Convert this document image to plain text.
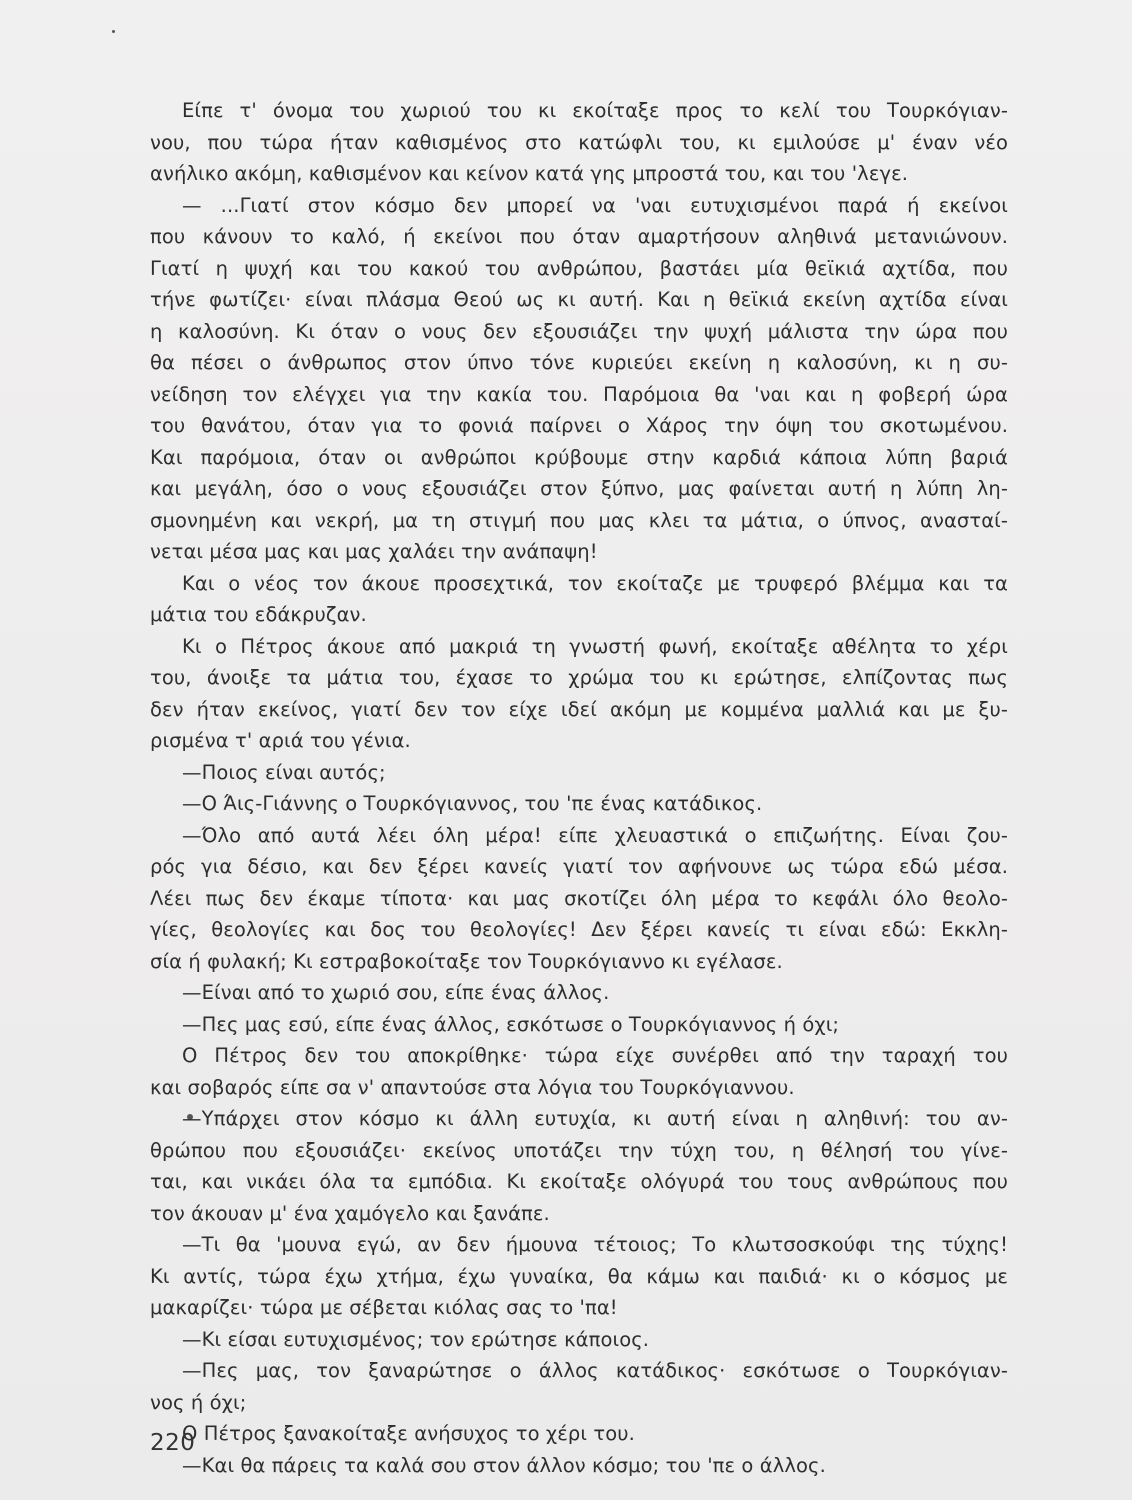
Είπε τ' όνομα του χωριού του κι εκοίταξε προς το κελί του Τουρκόγιαν-
νου, που τώρα ήταν καθισμένος στο κατώφλι του, κι εμιλούσε μ' έναν νέο
ανήλικο ακόμη, καθισμένον και κείνον κατά γης μπροστά του, και του 'λεγε.
— ...Γιατί στον κόσμο δεν μπορεί να 'ναι ευτυχισμένοι παρά ή εκείνοι
που κάνουν το καλό, ή εκείνοι που όταν αμαρτήσουν αληθινά μετανιώνουν.
Γιατί η ψυχή και του κακού του ανθρώπου, βαστάει μία θεϊκιά αχτίδα, που
τήνε φωτίζει· είναι πλάσμα Θεού ως κι αυτή. Και η θεϊκιά εκείνη αχτίδα είναι
η καλοσύνη. Κι όταν ο νους δεν εξουσιάζει την ψυχή μάλιστα την ώρα που
θα πέσει ο άνθρωπος στον ύπνο τόνε κυριεύει εκείνη η καλοσύνη, κι η συ-
νείδηση τον ελέγχει για την κακία του. Παρόμοια θα 'ναι και η φοβερή ώρα
του θανάτου, όταν για το φονιά παίρνει ο Χάρος την όψη του σκοτωμένου.
Και παρόμοια, όταν οι ανθρώποι κρύβουμε στην καρδιά κάποια λύπη βαριά
και μεγάλη, όσο ο νους εξουσιάζει στον ξύπνο, μας φαίνεται αυτή η λύπη λη-
σμονημένη και νεκρή, μα τη στιγμή που μας κλει τα μάτια, ο ύπνος, ανασταί-
νεται μέσα μας και μας χαλάει την ανάπαψη!
Και ο νέος τον άκουε προσεχτικά, τον εκοίταζε με τρυφερό βλέμμα και τα
μάτια του εδάκρυζαν.
Κι ο Πέτρος άκουε από μακριά τη γνωστή φωνή, εκοίταξε αθέλητα το χέρι
του, άνοιξε τα μάτια του, έχασε το χρώμα του κι ερώτησε, ελπίζοντας πως
δεν ήταν εκείνος, γιατί δεν τον είχε ιδεί ακόμη με κομμένα μαλλιά και με ξυ-
ρισμένα τ' αριά του γένια.
—Ποιος είναι αυτός;
—Ο Άις-Γιάννης ο Τουρκόγιαννος, του 'πε ένας κατάδικος.
—Όλο από αυτά λέει όλη μέρα! είπε χλευαστικά ο επιζωήτης. Είναι ζου-
ρός για δέσιο, και δεν ξέρει κανείς γιατί τον αφήνουνε ως τώρα εδώ μέσα.
Λέει πως δεν έκαμε τίποτα· και μας σκοτίζει όλη μέρα το κεφάλι όλο θεολο-
γίες, θεολογίες και δος του θεολογίες! Δεν ξέρει κανείς τι είναι εδώ: Εκκλη-
σία ή φυλακή; Κι εστραβοκοίταξε τον Τουρκόγιαννο κι εγέλασε.
—Είναι από το χωριό σου, είπε ένας άλλος.
—Πες μας εσύ, είπε ένας άλλος, εσκότωσε ο Τουρκόγιαννος ή όχι;
Ο Πέτρος δεν του αποκρίθηκε· τώρα είχε συνέρθει από την ταραχή του
και σοβαρός είπε σα ν' απαντούσε στα λόγια του Τουρκόγιαννου.
—Υπάρχει στον κόσμο κι άλλη ευτυχία, κι αυτή είναι η αληθινή: του αν-
θρώπου που εξουσιάζει· εκείνος υποτάζει την τύχη του, η θέλησή του γίνε-
ται, και νικάει όλα τα εμπόδια. Κι εκοίταξε ολόγυρά του τους ανθρώπους που
τον άκουαν μ' ένα χαμόγελο και ξανάπε.
—Τι θα 'μουνα εγώ, αν δεν ήμουνα τέτοιος; Το κλωτσοσκούφι της τύχης!
Κι αντίς, τώρα έχω χτήμα, έχω γυναίκα, θα κάμω και παιδιά· κι ο κόσμος με
μακαρίζει· τώρα με σέβεται κιόλας σας το 'πα!
—Κι είσαι ευτυχισμένος; τον ερώτησε κάποιος.
—Πες μας, τον ξαναρώτησε ο άλλος κατάδικος· εσκότωσε ο Τουρκόγιαν-
νος ή όχι;
Ο Πέτρος ξανακοίταξε ανήσυχος το χέρι του.
—Και θα πάρεις τα καλά σου στον άλλον κόσμο; του 'πε ο άλλος.
220
